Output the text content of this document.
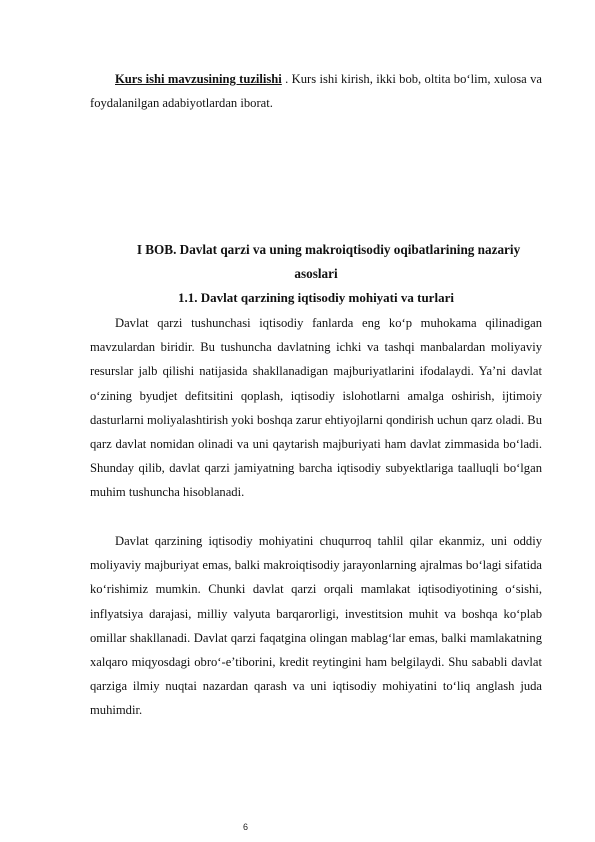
Kurs ishi mavzusining tuzilishi . Kurs ishi kirish, ikki bob, oltita bo‘lim, xulosa va foydalanilgan adabiyotlardan iborat.

I BOB. Davlat qarzi va uning makroiqtisodiy oqibatlarining nazariy asoslari
1.1. Davlat qarzining iqtisodiy mohiyati va turlari

Davlat qarzi tushunchasi iqtisodiy fanlarda eng ko‘p muhokama qilinadigan mavzulardan biridir. Bu tushuncha davlatning ichki va tashqi manbalardan moliyaviy resurslar jalb qilishi natijasida shakllanadigan majburiyatlarini ifodalaydi. Ya’ni davlat o‘zining byudjet defitsitini qoplash, iqtisodiy islohotlarni amalga oshirish, ijtimoiy dasturlarni moliyalashtirish yoki boshqa zarur ehtiyojlarni qondirish uchun qarz oladi. Bu qarz davlat nomidan olinadi va uni qaytarish majburiyati ham davlat zimmasida bo‘ladi. Shunday qilib, davlat qarzi jamiyatning barcha iqtisodiy subyektlariga taalluqli bo‘lgan muhim tushuncha hisoblanadi.

Davlat qarzining iqtisodiy mohiyatini chuqurroq tahlil qilar ekanmiz, uni oddiy moliyaviy majburiyat emas, balki makroiqtisodiy jarayonlarning ajralmas bo‘lagi sifatida ko‘rishimiz mumkin. Chunki davlat qarzi orqali mamlakat iqtisodiyotining o‘sishi, inflyatsiya darajasi, milliy valyuta barqarorligi, investitsion muhit va boshqa ko‘plab omillar shakllanadi. Davlat qarzi faqatgina olingan mablag‘lar emas, balki mamlakatning xalqaro miqyosdagi obro‘-e’tiborini, kredit reytingini ham belgilaydi. Shu sababli davlat qarziga ilmiy nuqtai nazardan qarash va uni iqtisodiy mohiyatini to‘liq anglash juda muhimdir.

6
